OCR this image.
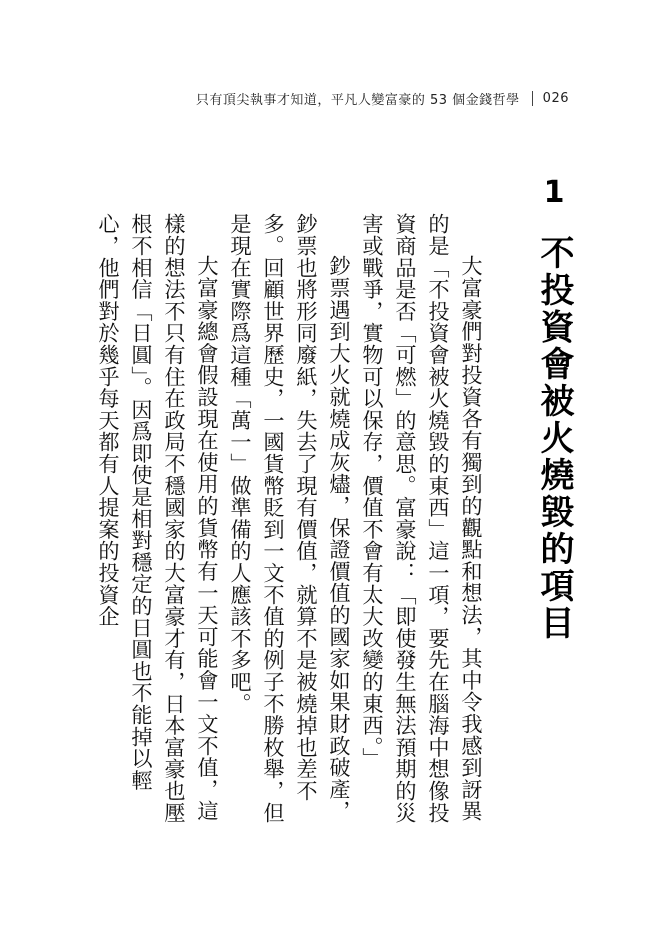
只有頂尖執事才知道，平凡人變富豪的 53 個金錢哲學 026
1
不投資會被火燒毀的項目

大富豪們對投資各有獨到的觀點和想法，其中令我感到訝異的是「不投資會被火燒毀的東西」這一項，要先在腦海中想像投資商品是否「可燃」的意思。富豪說：「即使發生無法預期的災害或戰爭，實物可以保存，價值不會有太大改變的東西。」

鈔票遇到大火就燒成灰燼，保證價值的國家如果財政破產，鈔票也將形同廢紙，失去了現有價值，就算不是被燒掉也差不多。回顧世界歷史，一國貨幣貶到一文不值的例子不勝枚舉，但是現在實際爲這種「萬一」做準備的人應該不多吧。

大富豪總會假設現在使用的貨幣有一天可能會一文不值，這樣的想法不只有住在政局不穩國家的大富豪才有，日本富豪也壓根不相信「日圓」。因爲即使是相對穩定的日圓也不能掉以輕心，他們對於幾乎每天都有人提案的投資企
